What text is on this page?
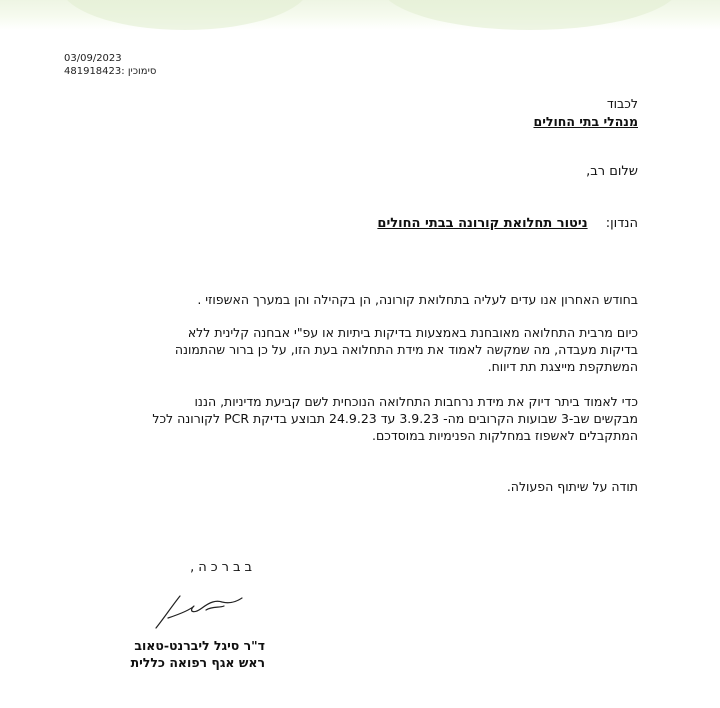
03/09/2023
481918423: סימוכין
לכבוד
מנהלי בתי החולים
שלום רב,
הנדון: ניטור תחלואת קורונה בבתי החולים
בחודש האחרון אנו עדים לעליה בתחלואת קורונה, הן בקהילה והן במערך האשפוזי .
כיום מרבית התחלואה מאובחנת באמצעות בדיקות ביתיות או עפ"י אבחנה קלינית ללא
בדיקות מעבדה, מה שמקשה לאמוד את מידת התחלואה בעת הזו, על כן ברור שהתמונה
המשתקפת מייצגת תת דיווח.
כדי לאמוד ביתר דיוק את מידת נרחבות התחלואה הנוכחית לשם קביעת מדיניות, הננו
מבקשים שב-3 שבועות הקרובים מה- 3.9.23 עד 24.9.23 תבוצע בדיקת PCR לקורונה לכל
המתקבלים לאשפוז במחלקות הפנימיות במוסדכם.
תודה על שיתוף הפעולה.
בברכה,
ד"ר סיגל ליברנט-טאוב
ראש אגף רפואה כללית
